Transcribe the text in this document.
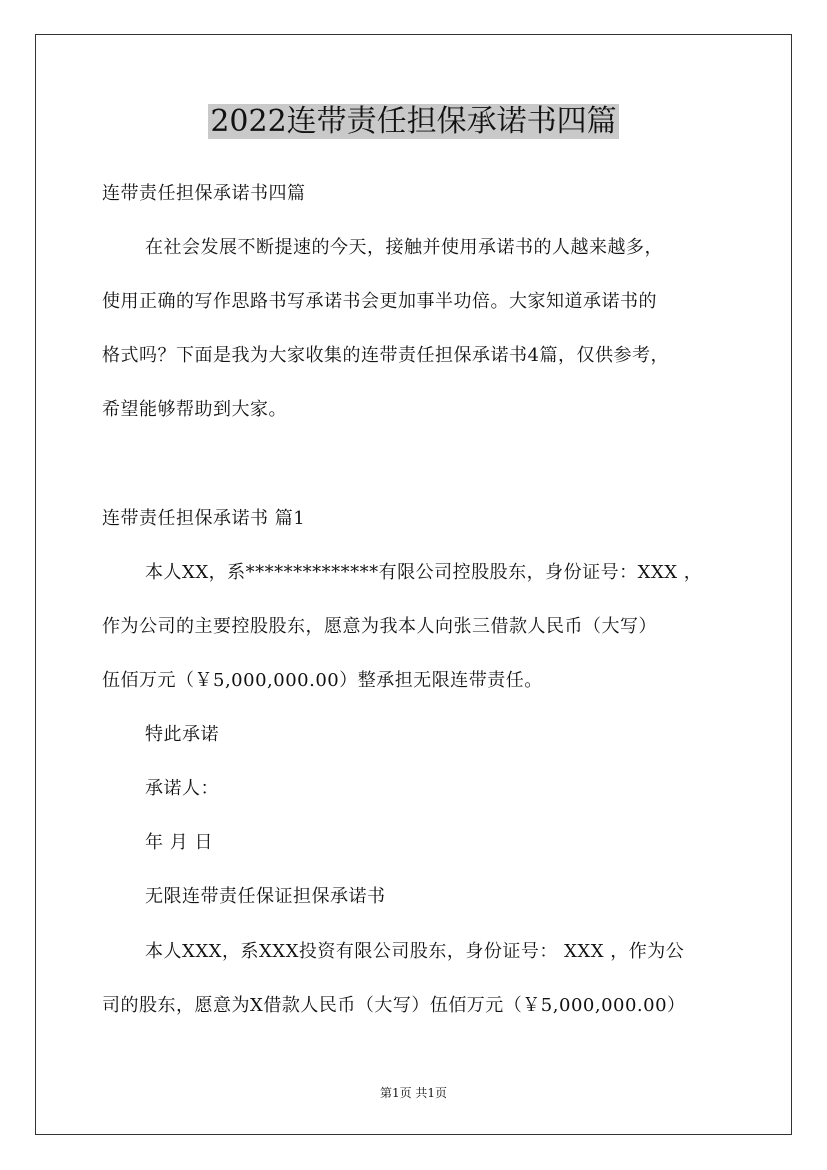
2022连带责任担保承诺书四篇

连带责任担保承诺书四篇

在社会发展不断提速的今天，接触并使用承诺书的人越来越多，

使用正确的写作思路书写承诺书会更加事半功倍。大家知道承诺书的

格式吗？下面是我为大家收集的连带责任担保承诺书4篇，仅供参考，

希望能够帮助到大家。

连带责任担保承诺书 篇1

本人XX，系**************有限公司控股股东，身份证号：XXX ，

作为公司的主要控股股东，愿意为我本人向张三借款人民币（大写）

伍佰万元（￥5,000,000.00）整承担无限连带责任。

特此承诺

承诺人：

年 月 日

无限连带责任保证担保承诺书

本人XXX，系XXX投资有限公司股东，身份证号： XXX ，作为公

司的股东，愿意为X借款人民币（大写）伍佰万元（￥5,000,000.00）

第1页 共1页
